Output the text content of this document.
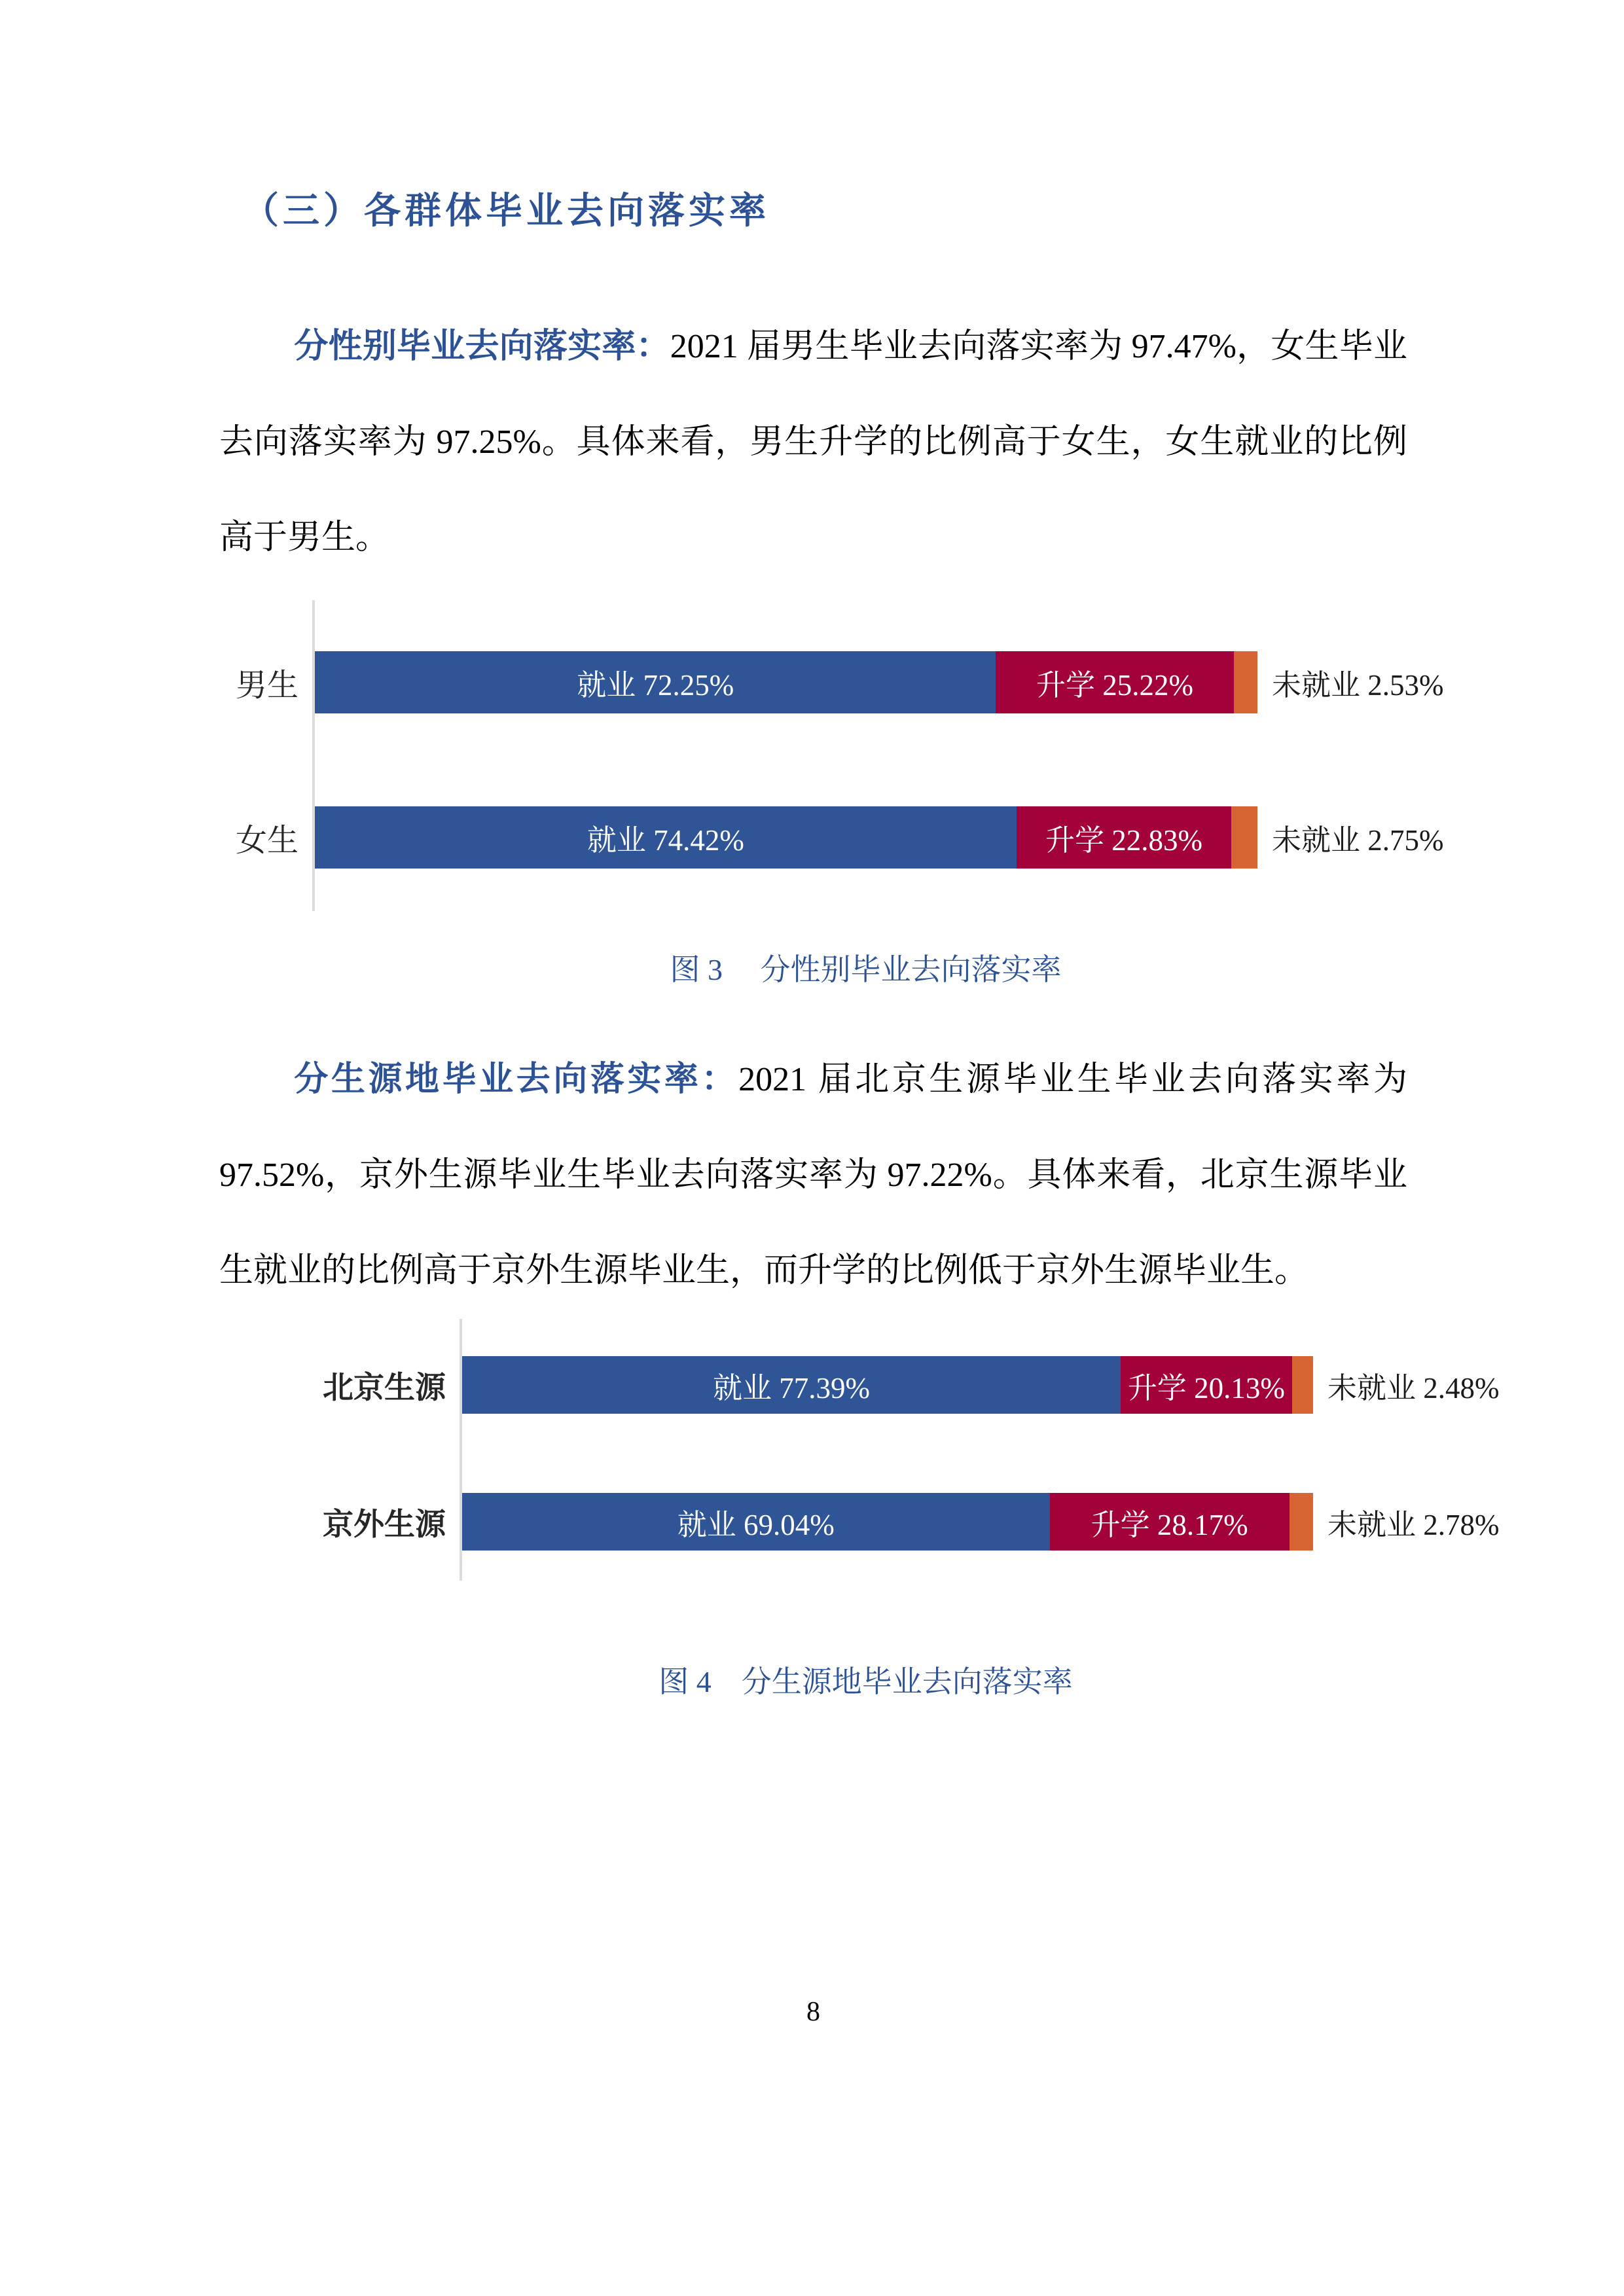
（三）各群体毕业去向落实率

分性别毕业去向落实率：2021 届男生毕业去向落实率为 97.47%，女生毕业去向落实率为 97.25%。具体来看，男生升学的比例高于女生，女生就业的比例高于男生。

男生	就业 72.25%	升学 25.22%	未就业 2.53%
女生	就业 74.42%	升学 22.83% 未就业 2.75%
图 3　 分性别毕业去向落实率

分生源地毕业去向落实率：2021 届北京生源毕业生毕业去向落实率为 97.52%，京外生源毕业生毕业去向落实率为 97.22%。具体来看，北京生源毕业生就业的比例高于京外生源毕业生，而升学的比例低于京外生源毕业生。

北京生源	就业 77.39%	升学 20.13% 未就业 2.48%
京外生源	就业 69.04%	升学 28.17%	未就业 2.78%
图 4　分生源地毕业去向落实率
8
